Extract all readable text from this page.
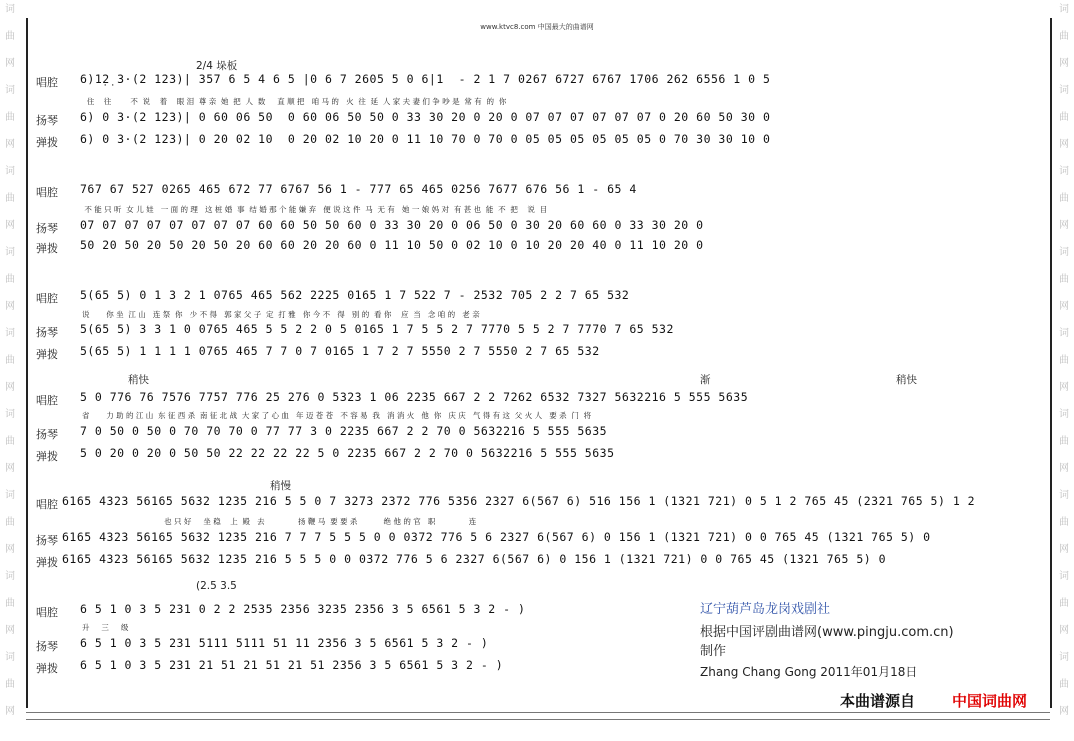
www.ktvc8.com 中国最大的曲谱网
词
曲
网
词
曲
网
词
曲
网
词
曲
网
词
曲
网
词
曲
网
词
曲
网
词
曲
网
词
曲
网
词
曲
网
词
曲
网
词
曲
网
词
曲
网
词
曲
网
词
曲
网
词
曲
网
词
曲
网
词
曲
网
2/4 垛板
唱腔 6)1̣2̣ 3·(2 123)| 357 6 5 4 6 5 |0 6 7 2605 5 0 6|1  - 2 1 7 0267 6727 6767 1706 262 6556 1 0 5
住    往        不  说    着    眼 泪  尊 亲  她  把  人  数     直 顺 把   咱 马 的   火  往  延  人 家 夫 妻 们 争 吵 是  常 有  的  你
扬琴 6) 0 3·(2 123)| 0 60 06 50  0 60 06 50 50 0 33 30 20 0 20 0 07 07 07 07 07 07 0 20 60 50 30 0
弹拨 6) 0 3·(2 123)| 0 20 02 10  0 20 02 10 20 0 11 10 70 0 70 0 05 05 05 05 05 05 0 70 30 30 10 0
唱腔 767 67 527 0265 465 672 77 6767 56 1 - 777 65 465 0256 7677 676 56 1 - 65 4
不 能 只 听  女 儿 娃   一 面 的 理   这 桩 婚  事  结 婚 那 个 能 嫌 弃   便 说 这 件  马  无 有   她 一 娘 妈 对  有 甚 也  能  不  把    说  目
扬琴 07 07 07 07 07 07 07 07 60 60 50 50 60 0 33 30 20 0 06 50 0 30 20 60 60 0 33 30 20 0
弹拨 50 20 50 20 50 20 50 20 60 60 20 20 60 0 11 10 50 0 02 10 0 10 20 20 40 0 11 10 20 0
唱腔 5(65 5) 0 1 3 2 1 0765 465 562 2225 0165 1 7 522 7 - 2532 705 2 2 7 65 532
说       你 坐  江 山   连 祭  你   少 不 得   郭 家 父 子  定  打 雅   你 今 不   得   别 的  看 你    应  当   念 咱 的   老 亲
扬琴 5(65 5) 3 3 1 0 0765 465 5 5 2 2 0 5 0165 1 7 5 5 2 7 7770 5 5 2 7 7770 7 65 532
弹拨 5(65 5) 1 1 1 1 0765 465 7 7 0 7 0165 1 7 2 7 5550 2 7 5550 2 7 65 532
稍快	渐	稍快
唱腔 5 0 776 76 7576 7757 776 25 276 0 5323 1 06 2235 667 2 2 7262 6532 7327 5632216 5 555 5635
省       力 助 的 江 山  东 征 西 杀  南 征 北 战  大 家 了 心 血   年 迈 苍 苍   不 容 易  我   消 消 火   他  你   庆 庆   气 得 有 这  父 火 人   要 杀  门  将
扬琴 7 0 50 0 50 0 70 70 70 0 77 77 3 0 2235 667 2 2 70 0 5632216 5 555 5635
弹拨 5 0 20 0 20 0 50 50 22 22 22 22 5 0 2235 667 2 2 70 0 5632216 5 555 5635
稍慢
唱腔 6165 4323 56165 5632 1235 216 5 5 0 7 3273 2372 776 5356 2327 6(567 6) 516 156 1 (1321 721) 0 5 1 2 765 45 (2321 765 5) 1 2
也 只 好     坐 稳    上  殿   去              扬 鞭 马  要 要 杀           绝 他 的 官   职              连
扬琴 6165 4323 56165 5632 1235 216 7 7 7 5 5 5 0 0 0372 776 5 6 2327 6(567 6) 0 156 1 (1321 721) 0 0 765 45 (1321 765 5) 0
弹拨 6165 4323 56165 5632 1235 216 5 5 5 0 0 0372 776 5 6 2327 6(567 6) 0 156 1 (1321 721) 0 0 765 45 (1321 765 5) 0
(2.5 3.5
唱腔 6 5 1 0 3 5 231 0 2 2 2535 2356 3235 2356 3 5 6561 5 3 2 - )
升     三     级
扬琴 6 5 1 0 3 5 231 5111 5111 51 11 2356 3 5 6561 5 3 2 - )
弹拨 6 5 1 0 3 5 231 21 51 21 51 21 51 2356 3 5 6561 5 3 2 - )
辽宁葫芦岛龙岗戏剧社
根据中国评剧曲谱网(www.pingju.com.cn)制作
Zhang Chang Gong 2011年01月18日
本曲谱源自 中国词曲网
